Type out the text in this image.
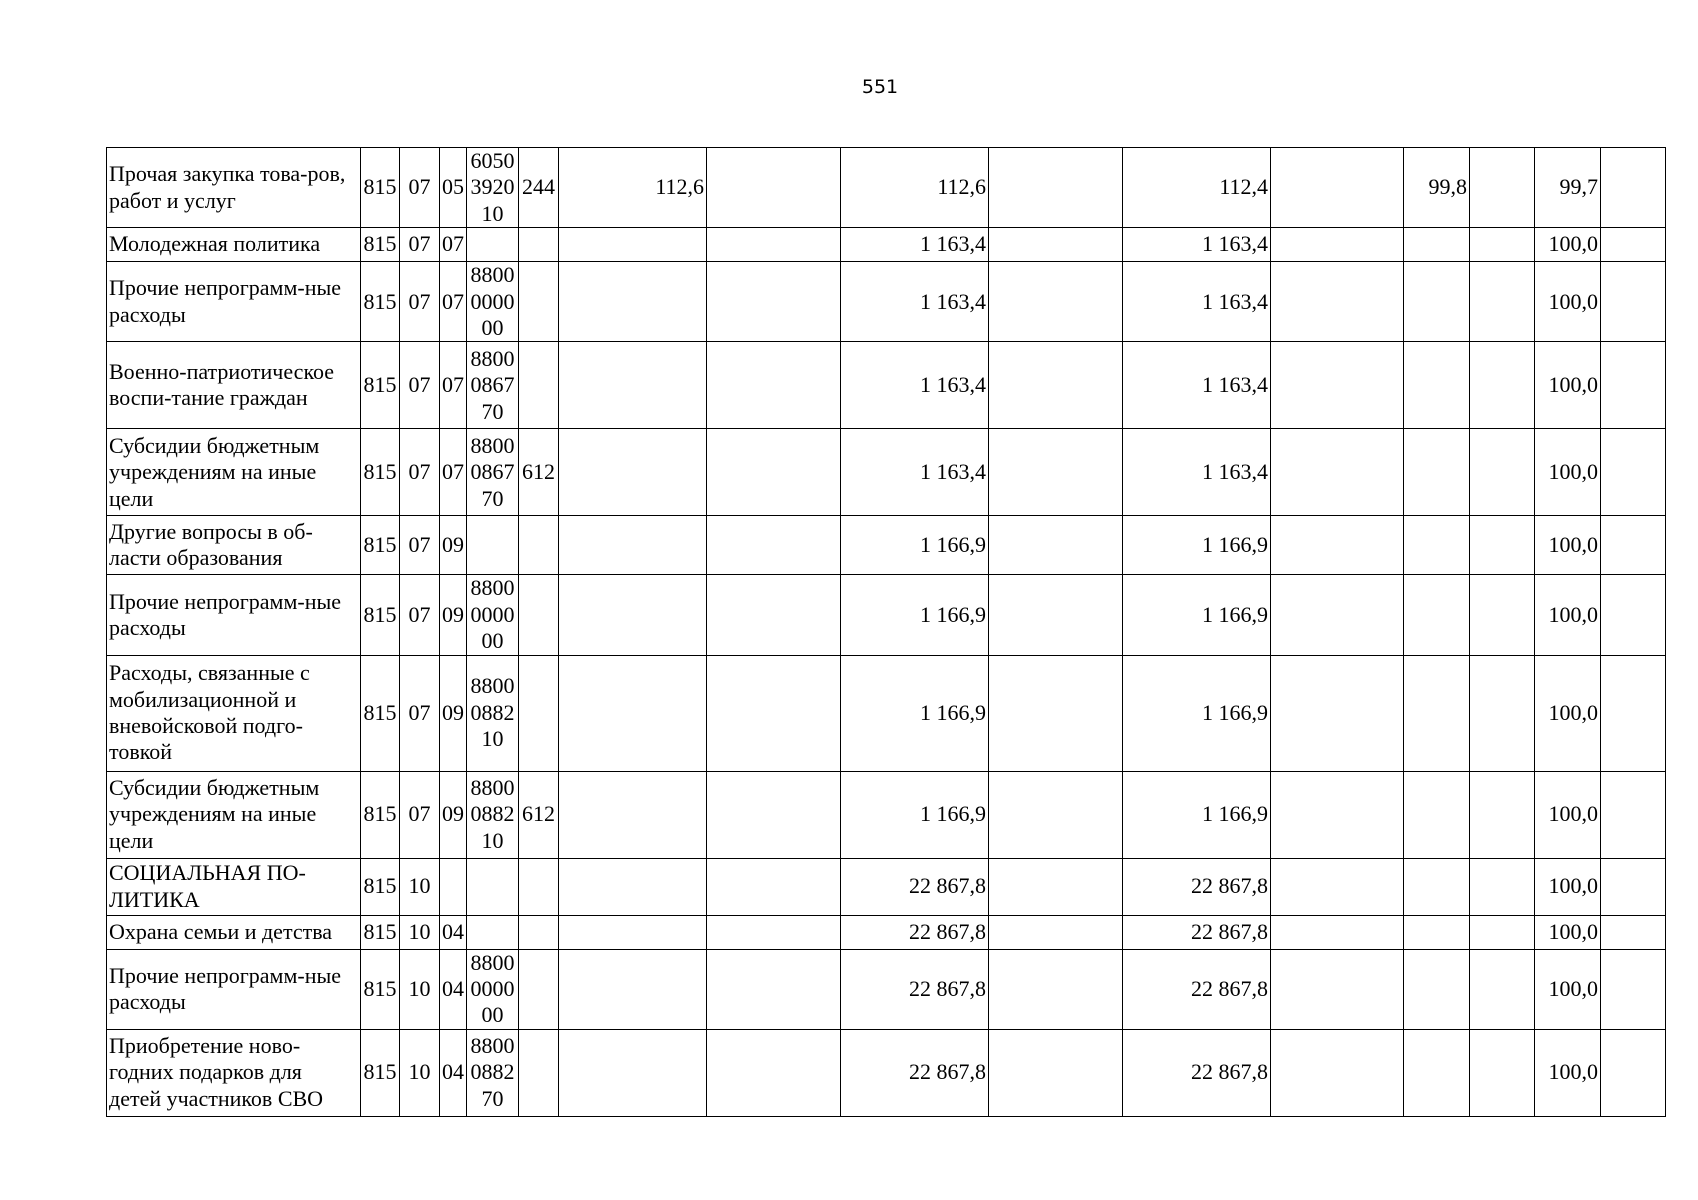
551
Прочая закупка това-ров, работ и услуг	815	07	05	6050 3920 10	244	112,6		112,6		112,4		99,8		99,7	
Молодежная политика	815	07	07					1 163,4		1 163,4				100,0	
Прочие непрограмм-ные расходы	815	07	07	8800 0000 00				1 163,4		1 163,4				100,0	
Военно-патриотическое воспи-тание граждан	815	07	07	8800 0867 70				1 163,4		1 163,4				100,0	
Субсидии бюджетным учреждениям на иные цели	815	07	07	8800 0867 70	612			1 163,4		1 163,4				100,0	
Другие вопросы в об-ласти образования	815	07	09					1 166,9		1 166,9				100,0	
Прочие непрограмм-ные расходы	815	07	09	8800 0000 00				1 166,9		1 166,9				100,0	
Расходы, связанные с мобилизационной и вневойсковой подго-товкой	815	07	09	8800 0882 10				1 166,9		1 166,9				100,0	
Субсидии бюджетным учреждениям на иные цели	815	07	09	8800 0882 10	612			1 166,9		1 166,9				100,0	
СОЦИАЛЬНАЯ ПО-ЛИТИКА	815	10						22 867,8		22 867,8				100,0	
Охрана семьи и детства	815	10	04					22 867,8		22 867,8				100,0	
Прочие непрограмм-ные расходы	815	10	04	8800 0000 00				22 867,8		22 867,8				100,0	
Приобретение ново-годних подарков для детей участников СВО	815	10	04	8800 0882 70				22 867,8		22 867,8				100,0	
